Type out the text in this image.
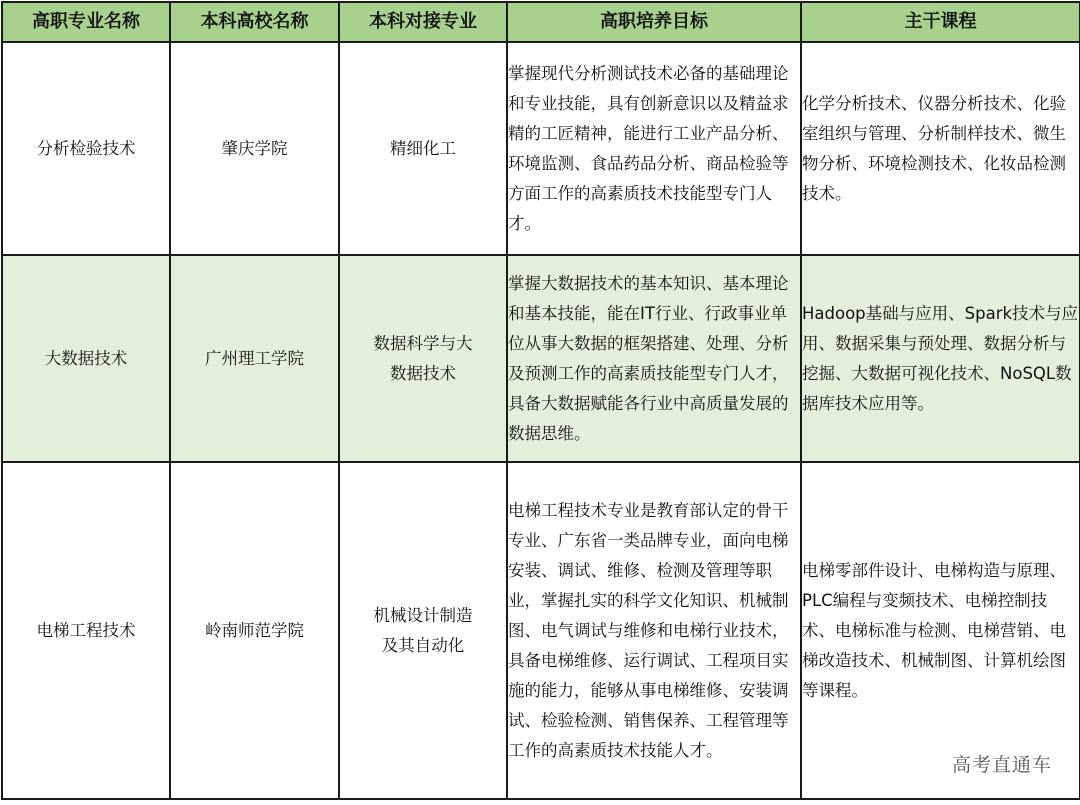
高职专业名称	本科高校名称	本科对接专业	高职培养目标	主干课程
分析检验技术	肇庆学院	精细化工	掌握现代分析测试技术必备的基础理论和专业技能，具有创新意识以及精益求精的工匠精神，能进行工业产品分析、环境监测、食品药品分析、商品检验等方面工作的高素质技术技能型专门人才。	化学分析技术、仪器分析技术、化验室组织与管理、分析制样技术、微生物分析、环境检测技术、化妆品检测技术。
大数据技术	广州理工学院	数据科学与大数据技术	掌握大数据技术的基本知识、基本理论和基本技能，能在IT行业、行政事业单位从事大数据的框架搭建、处理、分析及预测工作的高素质技能型专门人才，具备大数据赋能各行业中高质量发展的数据思维。	Hadoop基础与应用、Spark技术与应用、数据采集与预处理、数据分析与挖掘、大数据可视化技术、NoSQL数据库技术应用等。
电梯工程技术	岭南师范学院	机械设计制造及其自动化	电梯工程技术专业是教育部认定的骨干专业、广东省一类品牌专业，面向电梯安装、调试、维修、检测及管理等职业，掌握扎实的科学文化知识、机械制图、电气调试与维修和电梯行业技术，具备电梯维修、运行调试、工程项目实施的能力，能够从事电梯维修、安装调试、检验检测、销售保养、工程管理等工作的高素质技术技能人才。	电梯零部件设计、电梯构造与原理、PLC编程与变频技术、电梯控制技术、电梯标准与检测、电梯营销、电梯改造技术、机械制图、计算机绘图等课程。
高考直通车
